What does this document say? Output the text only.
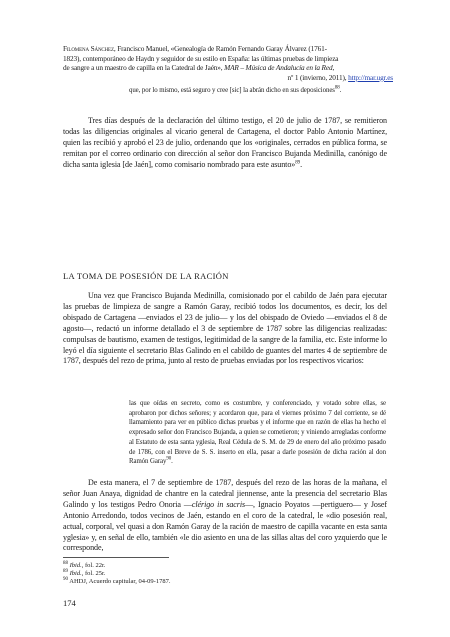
Filomena Sánchez, Francisco Manuel, «Genealogía de Ramón Fernando Garay Álvarez (1761-
1823), contemporáneo de Haydn y seguidor de su estilo en España: las últimas pruebas de limpieza
de sangre a un maestro de capilla en la Catedral de Jaén», MAR – Música de Andalucía en la Red,
nº 1 (invierno, 2011), http://mar.ugr.es
que, por lo mismo, está seguro y cree [sic] la abrán dicho en sus deposiciones$^{88}$.
Tres días después de la declaración del último testigo, el 20 de julio de 1787, se remitieron todas las diligencias originales al vicario general de Cartagena, el doctor Pablo Antonio Martínez, quien las recibió y aprobó el 23 de julio, ordenando que los «originales, cerrados en pública forma, se remitan por el correo ordinario con dirección al señor don Francisco Bujanda Medinilla, canónigo de dicha santa iglesia [de Jaén], como comisario nombrado para este asunto»$^{89}$.
LA TOMA DE POSESIÓN DE LA RACIÓN
Una vez que Francisco Bujanda Medinilla, comisionado por el cabildo de Jaén para ejecutar las pruebas de limpieza de sangre a Ramón Garay, recibió todos los documentos, es decir, los del obispado de Cartagena —enviados el 23 de julio— y los del obispado de Oviedo —enviados el 8 de agosto—, redactó un informe detallado el 3 de septiembre de 1787 sobre las diligencias realizadas: compulsas de bautismo, examen de testigos, legitimidad de la sangre de la familia, etc. Este informe lo leyó el día siguiente el secretario Blas Galindo en el cabildo de guantes del martes 4 de septiembre de 1787, después del rezo de prima, junto al resto de pruebas enviadas por los respectivos vicarios:
las que oídas en secreto, como es costumbre, y conferenciado, y votado sobre ellas, se aprobaron por dichos señores; y acordaron que, para el viernes próximo 7 del corriente, se dé llamamiento para ver en público dichas pruebas y el informe que en razón de ellas ha hecho el expresado señor don Francisco Bujanda, a quien se cometieron; y viniendo arregladas conforme al Estatuto de esta santa yglesia, Real Cédula de S. M. de 29 de enero del año próximo pasado de 1786, con el Breve de S. S. inserto en ella, pasar a darle posesión de dicha ración al don Ramón Garay$^{90}$.
De esta manera, el 7 de septiembre de 1787, después del rezo de las horas de la mañana, el señor Juan Anaya, dignidad de chantre en la catedral jiennense, ante la presencia del secretario Blas Galindo y los testigos Pedro Onoria —clérigo in sacris—, Ignacio Poyatos —pertiguero— y Josef Antonio Arredondo, todos vecinos de Jaén, estando en el coro de la catedral, le «dio posesión real, actual, corporal, vel quasi a don Ramón Garay de la ración de maestro de capilla vacante en esta santa yglesia» y, en señal de ello, también «le dio asiento en una de las sillas altas del coro yzquierdo que le corresponde,
$^{88}$ Ibid., fol. 22r.
$^{89}$ Ibid., fol. 25r.
$^{90}$ AHDJ, Acuerdo capitular, 04-09-1787.
174
